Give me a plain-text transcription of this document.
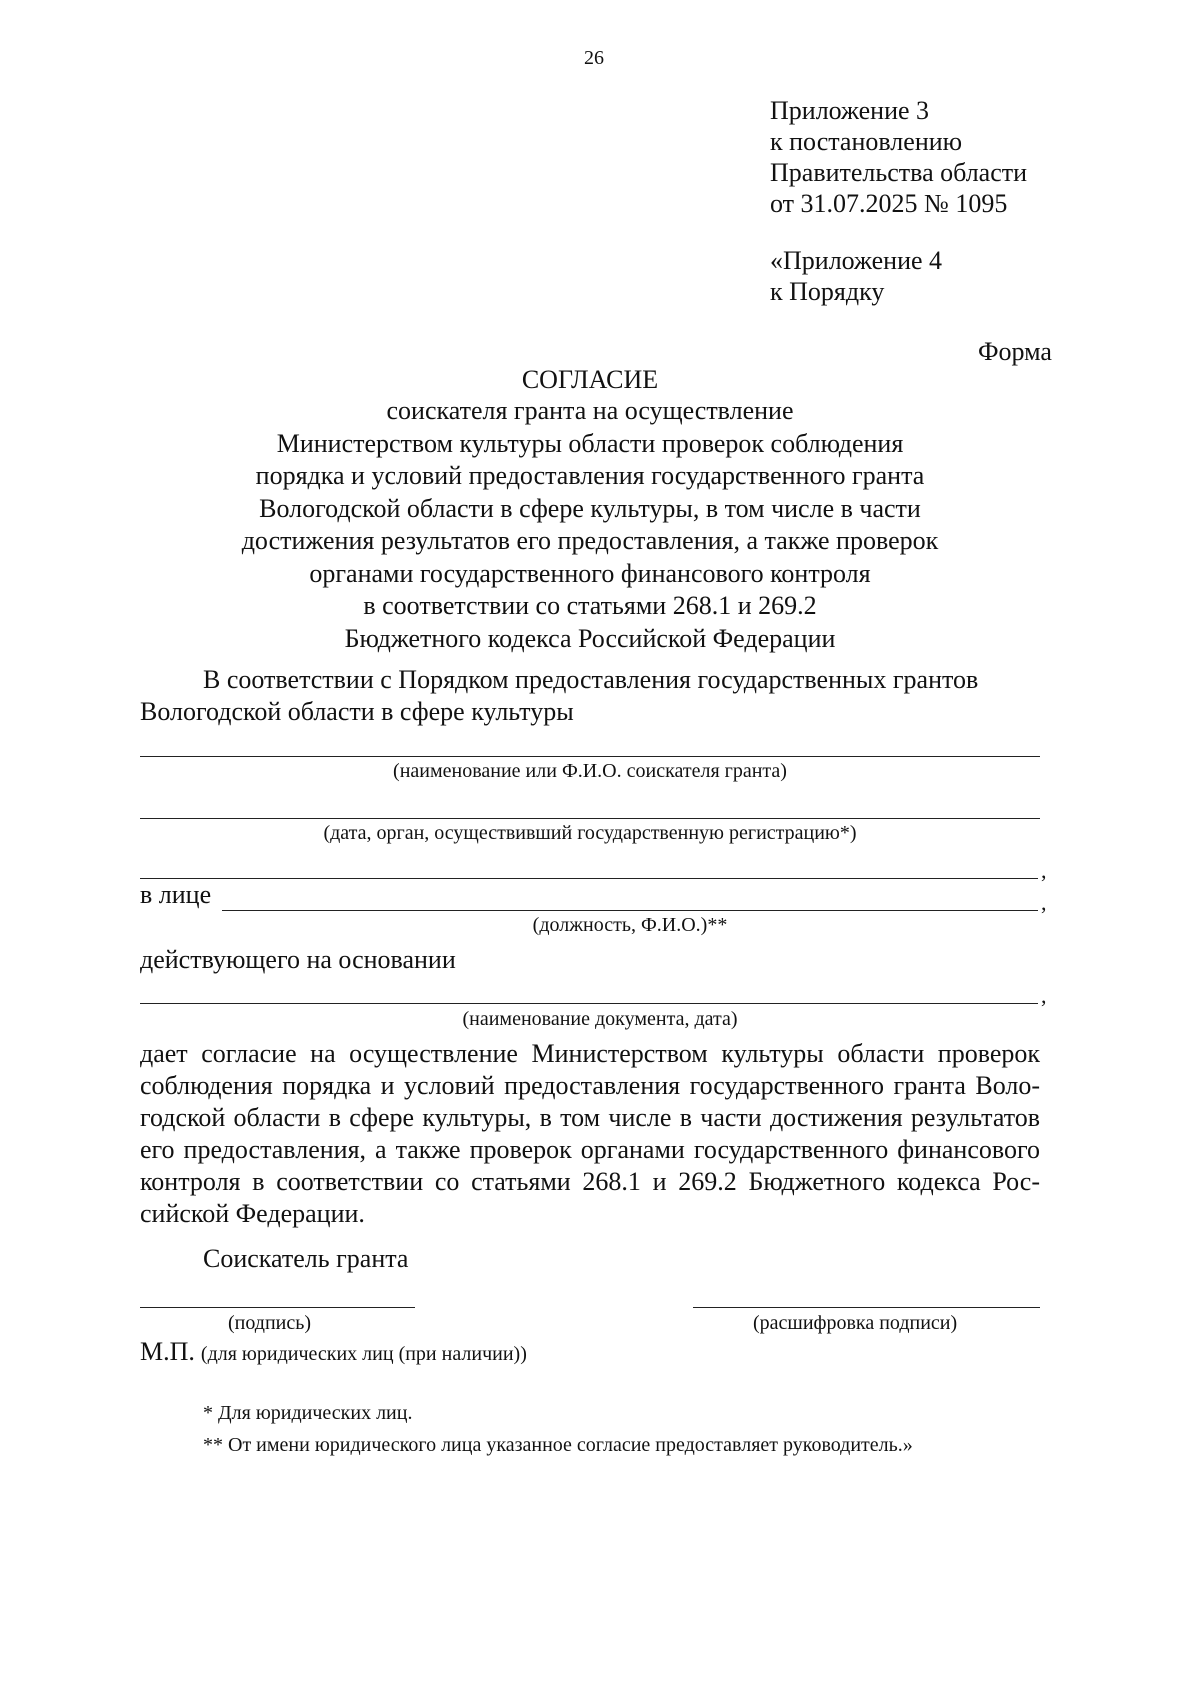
26
Приложение 3
к постановлению
Правительства области
от 31.07.2025 № 1095
«Приложение 4
к Порядку
Форма
СОГЛАСИЕ
соискателя гранта на осуществление
Министерством культуры области проверок соблюдения
порядка и условий предоставления государственного гранта
Вологодской области в сфере культуры, в том числе в части
достижения результатов его предоставления, а также проверок
органами государственного финансового контроля
в соответствии со статьями 268.1 и 269.2
Бюджетного кодекса Российской Федерации
В соответствии с Порядком предоставления государственных грантов
Вологодской области в сфере культуры
(наименование или Ф.И.О. соискателя гранта)
(дата, орган, осуществивший государственную регистрацию*)
,
в лице	,
(должность, Ф.И.О.)**
действующего на основании
,
(наименование документа, дата)
дает согласие на осуществление Министерством культуры области проверок
соблюдения порядка и условий предоставления государственного гранта Воло-
годской области в сфере культуры, в том числе в части достижения результатов
его предоставления, а также проверок органами государственного финансового
контроля в соответствии со статьями 268.1 и 269.2 Бюджетного кодекса Рос-
сийской Федерации.
Соискатель гранта
(подпись)	(расшифровка подписи)
М.П. (для юридических лиц (при наличии))
* Для юридических лиц.
** От имени юридического лица указанное согласие предоставляет руководитель.»
